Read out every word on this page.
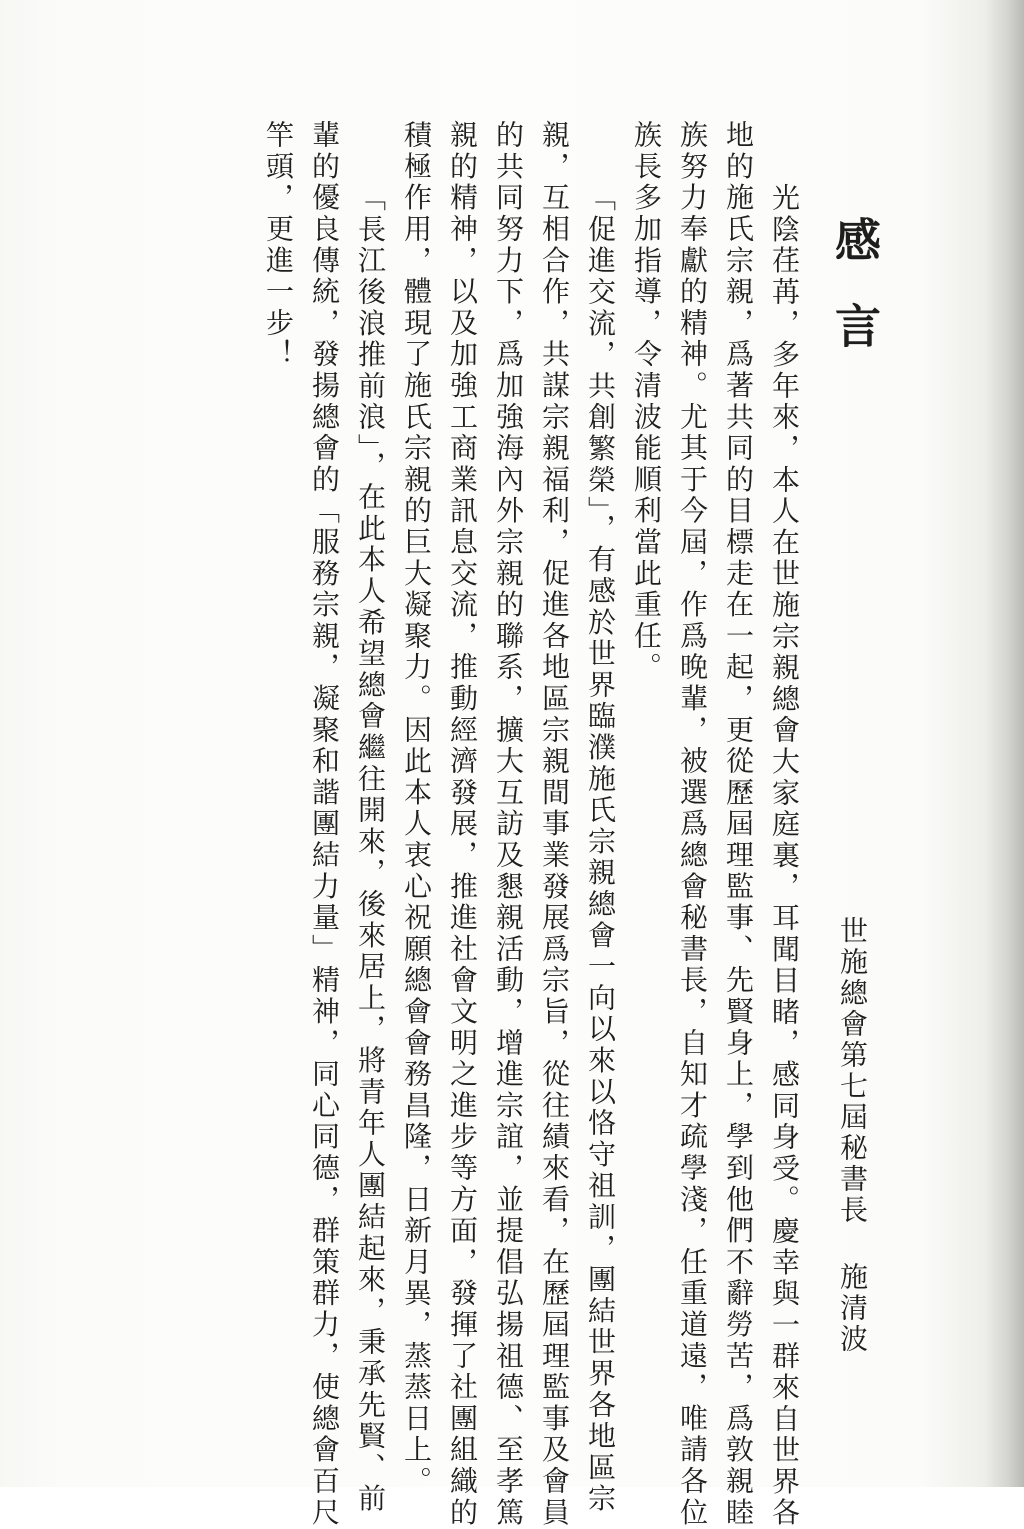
感言
世施總會第七屆秘書長施清波
光陰荏苒，多年來，本人在世施宗親總會大家庭裏，耳聞目睹，感同身受。慶幸與一群來自世界各
地的施氏宗親，爲著共同的目標走在一起，更從歷屆理監事、先賢身上，學到他們不辭勞苦，爲敦親睦
族努力奉獻的精神。尤其于今屆，作爲晚輩，被選爲總會秘書長，自知才疏學淺，任重道遠，唯請各位
族長多加指導，令清波能順利當此重任。
「促進交流，共創繁榮」，有感於世界臨濮施氏宗親總會一向以來以恪守祖訓，團結世界各地區宗
親，互相合作，共謀宗親福利，促進各地區宗親間事業發展爲宗旨，從往績來看，在歷屆理監事及會員
的共同努力下，爲加強海內外宗親的聯系，擴大互訪及懇親活動，增進宗誼，並提倡弘揚祖德、至孝篤
親的精神，以及加強工商業訊息交流，推動經濟發展，推進社會文明之進步等方面，發揮了社團組織的
積極作用，體現了施氏宗親的巨大凝聚力。因此本人衷心祝願總會會務昌隆，日新月異，蒸蒸日上。
「長江後浪推前浪」，在此本人希望總會繼往開來，後來居上，將青年人團結起來，秉承先賢、前
輩的優良傳統，發揚總會的「服務宗親，凝聚和諧團結力量」精神，同心同德，群策群力，使總會百尺
竿頭，更進一步！
